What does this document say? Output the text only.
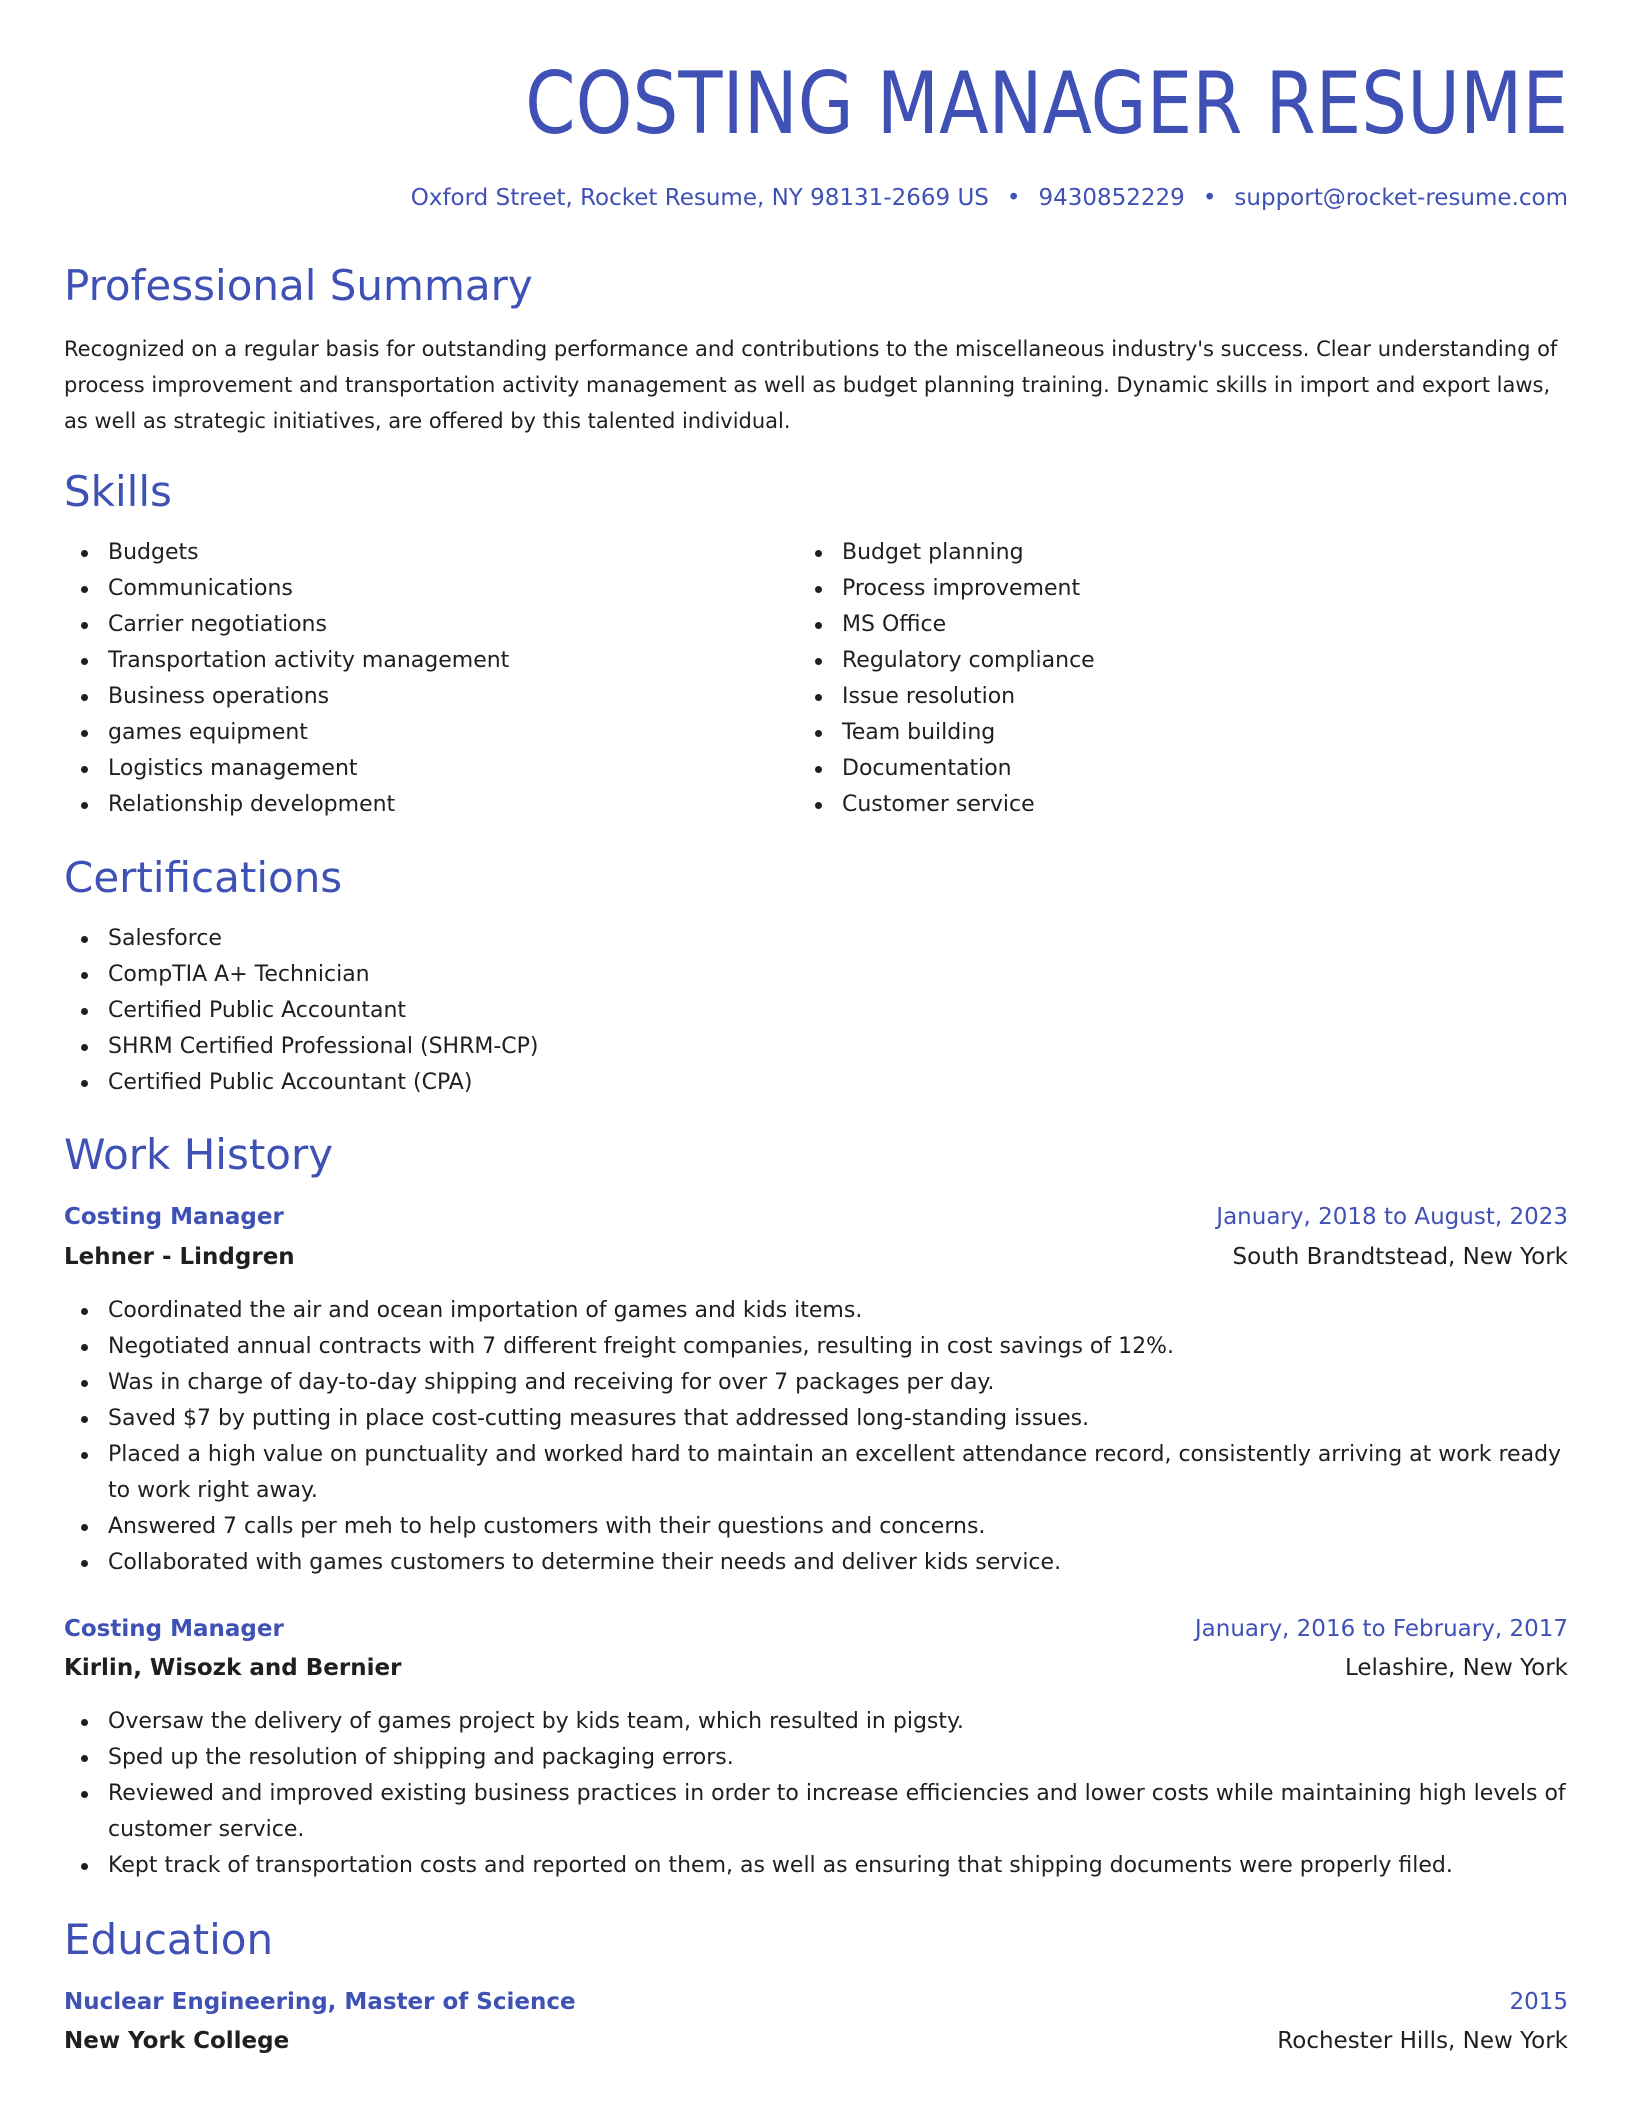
COSTING MANAGER RESUME
Oxford Street, Rocket Resume, NY 98131-2669 US • 9430852229 • support@rocket-resume.com
Professional Summary
Recognized on a regular basis for outstanding performance and contributions to the miscellaneous industry's success. Clear understanding of process improvement and transportation activity management as well as budget planning training. Dynamic skills in import and export laws, as well as strategic initiatives, are offered by this talented individual.
Skills
Budgets
Communications
Carrier negotiations
Transportation activity management
Business operations
games equipment
Logistics management
Relationship development
Budget planning
Process improvement
MS Office
Regulatory compliance
Issue resolution
Team building
Documentation
Customer service
Certifications
Salesforce
CompTIA A+ Technician
Certified Public Accountant
SHRM Certified Professional (SHRM-CP)
Certified Public Accountant (CPA)
Work History
Costing Manager	January, 2018 to August, 2023
Lehner - Lindgren	South Brandtstead, New York
Coordinated the air and ocean importation of games and kids items.
Negotiated annual contracts with 7 different freight companies, resulting in cost savings of 12%.
Was in charge of day-to-day shipping and receiving for over 7 packages per day.
Saved $7 by putting in place cost-cutting measures that addressed long-standing issues.
Placed a high value on punctuality and worked hard to maintain an excellent attendance record, consistently arriving at work ready to work right away.
Answered 7 calls per meh to help customers with their questions and concerns.
Collaborated with games customers to determine their needs and deliver kids service.
Costing Manager	January, 2016 to February, 2017
Kirlin, Wisozk and Bernier	Lelashire, New York
Oversaw the delivery of games project by kids team, which resulted in pigsty.
Sped up the resolution of shipping and packaging errors.
Reviewed and improved existing business practices in order to increase efficiencies and lower costs while maintaining high levels of customer service.
Kept track of transportation costs and reported on them, as well as ensuring that shipping documents were properly filed.
Education
Nuclear Engineering, Master of Science	2015
New York College	Rochester Hills, New York
